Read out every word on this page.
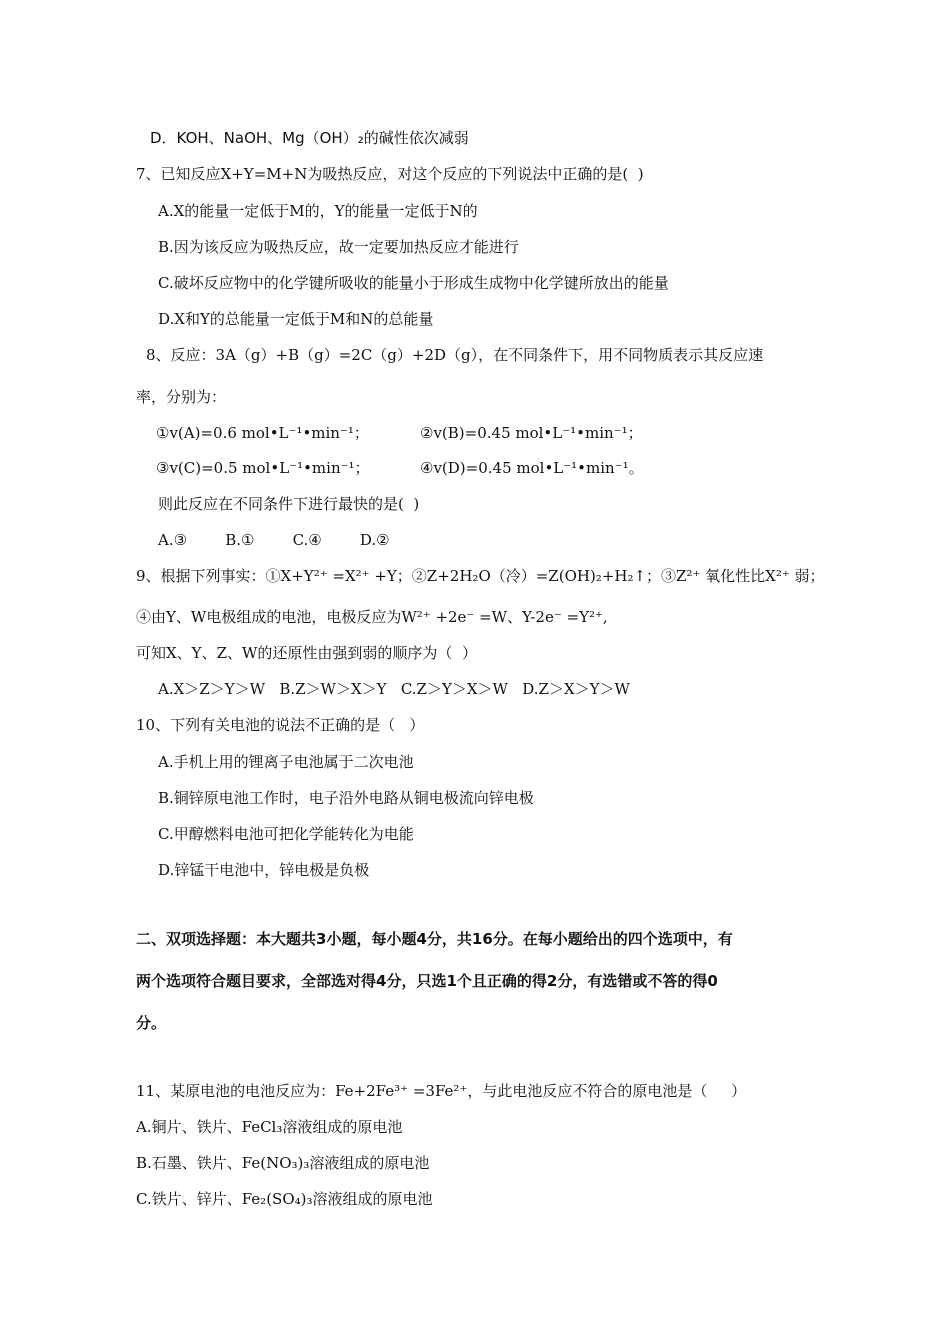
D．KOH、NaOH、Mg（OH）₂的碱性依次减弱
7、已知反应X+Y=M+N为吸热反应，对这个反应的下列说法中正确的是(  )
A.X的能量一定低于M的，Y的能量一定低于N的
B.因为该反应为吸热反应，故一定要加热反应才能进行
C.破坏反应物中的化学键所吸收的能量小于形成生成物中化学键所放出的能量
D.X和Y的总能量一定低于M和N的总能量
8、反应：3A（g）+B（g）=2C（g）+2D（g），在不同条件下，用不同物质表示其反应速
率，分别为：
①v(A)=0.6 mol•L⁻¹•min⁻¹；	②v(B)=0.45 mol•L⁻¹•min⁻¹；
③v(C)=0.5 mol•L⁻¹•min⁻¹；	④v(D)=0.45 mol•L⁻¹•min⁻¹。
则此反应在不同条件下进行最快的是(  )
A.③        B.①        C.④        D.②
9、根据下列事实：①X+Y²⁺ =X²⁺ +Y；②Z+2H₂O（冷）=Z(OH)₂+H₂↑；③Z²⁺ 氧化性比X²⁺ 弱；
④由Y、W电极组成的电池，电极反应为W²⁺ +2e⁻ =W、Y-2e⁻ =Y²⁺,
可知X、Y、Z、W的还原性由强到弱的顺序为（  ）
A.X＞Z＞Y＞W   B.Z＞W＞X＞Y   C.Z＞Y＞X＞W   D.Z＞X＞Y＞W
10、下列有关电池的说法不正确的是（   ）
A.手机上用的锂离子电池属于二次电池
B.铜锌原电池工作时，电子沿外电路从铜电极流向锌电极
C.甲醇燃料电池可把化学能转化为电能
D.锌锰干电池中，锌电极是负极
二、双项选择题：本大题共3小题，每小题4分，共16分。在每小题给出的四个选项中，有
两个选项符合题目要求，全部选对得4分，只选1个且正确的得2分，有选错或不答的得0
分。
11、某原电池的电池反应为：Fe+2Fe³⁺ =3Fe²⁺，与此电池反应不符合的原电池是（     ）
A.铜片、铁片、FeCl₃溶液组成的原电池
B.石墨、铁片、Fe(NO₃)₃溶液组成的原电池
C.铁片、锌片、Fe₂(SO₄)₃溶液组成的原电池
